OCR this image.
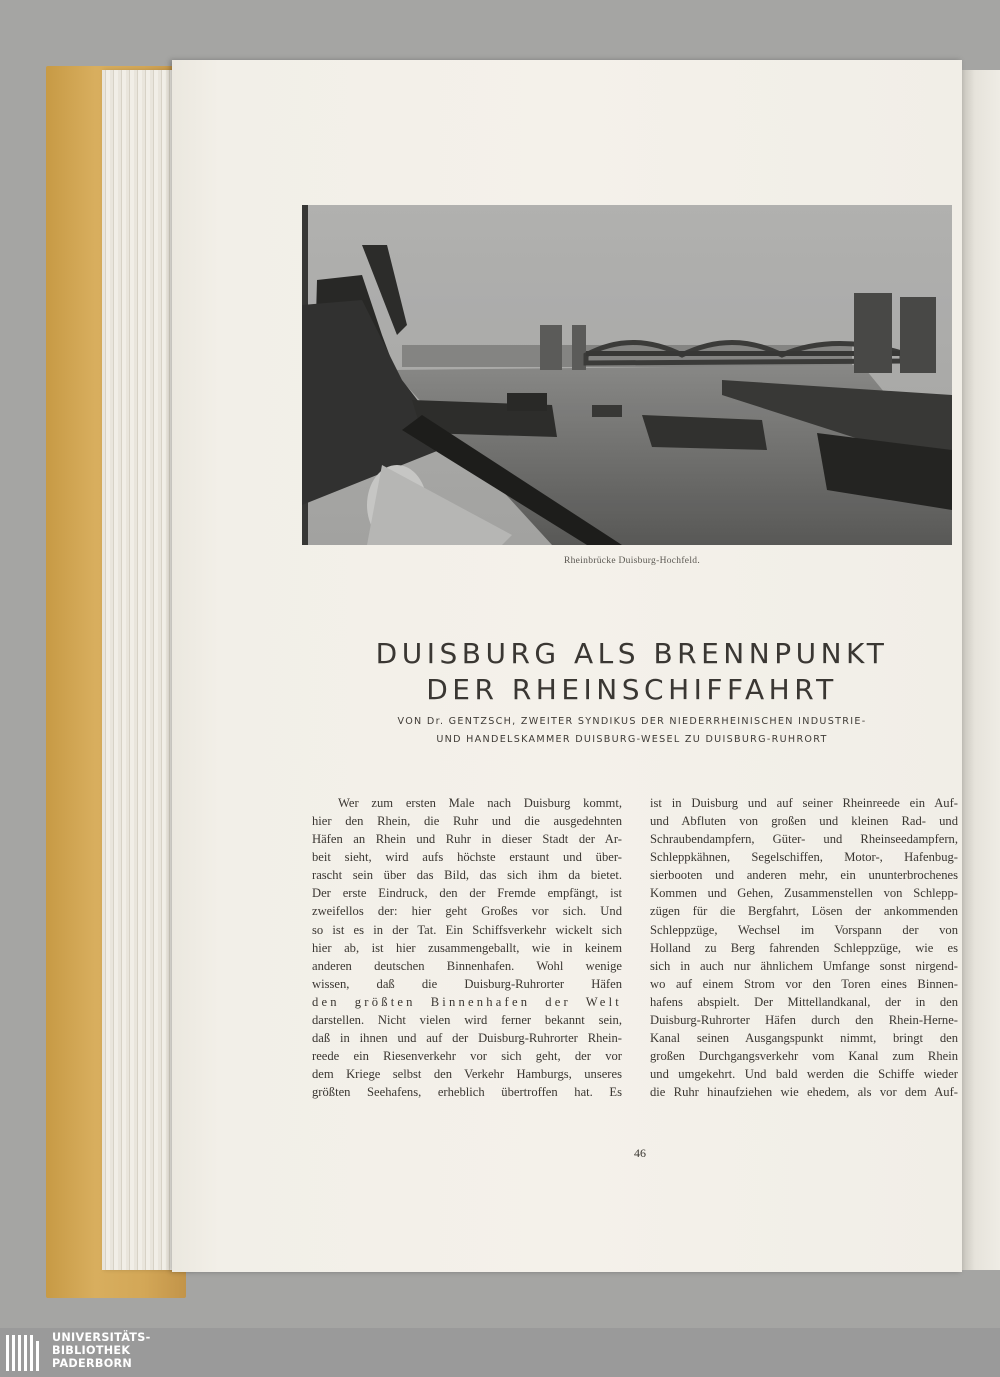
Rheinbrücke Duisburg-Hochfeld.
DUISBURG ALS BRENNPUNKT
DER RHEINSCHIFFAHRT
VON Dr. GENTZSCH, ZWEITER SYNDIKUS DER NIEDERRHEINISCHEN INDUSTRIE-
UND HANDELSKAMMER DUISBURG-WESEL ZU DUISBURG-RUHRORT
Wer zum ersten Male nach Duisburg kommt,
hier den Rhein, die Ruhr und die ausgedehnten
Häfen an Rhein und Ruhr in dieser Stadt der Ar-
beit sieht, wird aufs höchste erstaunt und über-
rascht sein über das Bild, das sich ihm da bietet.
Der erste Eindruck, den der Fremde empfängt, ist
zweifellos der: hier geht Großes vor sich. Und
so ist es in der Tat. Ein Schiffsverkehr wickelt sich
hier ab, ist hier zusammengeballt, wie in keinem
anderen deutschen Binnenhafen. Wohl wenige
wissen, daß die Duisburg-Ruhrorter Häfen
den größten Binnenhafen der Welt
darstellen. Nicht vielen wird ferner bekannt sein,
daß in ihnen und auf der Duisburg-Ruhrorter Rhein-
reede ein Riesenverkehr vor sich geht, der vor
dem Kriege selbst den Verkehr Hamburgs, unseres
größten Seehafens, erheblich übertroffen hat. Es
ist in Duisburg und auf seiner Rheinreede ein Auf-
und Abfluten von großen und kleinen Rad- und
Schraubendampfern, Güter- und Rheinseedampfern,
Schleppkähnen, Segelschiffen, Motor-, Hafenbug-
sierbooten und anderen mehr, ein ununterbrochenes
Kommen und Gehen, Zusammenstellen von Schlepp-
zügen für die Bergfahrt, Lösen der ankommenden
Schleppzüge, Wechsel im Vorspann der von
Holland zu Berg fahrenden Schleppzüge, wie es
sich in auch nur ähnlichem Umfange sonst nirgend-
wo auf einem Strom vor den Toren eines Binnen-
hafens abspielt. Der Mittellandkanal, der in den
Duisburg-Ruhrorter Häfen durch den Rhein-Herne-
Kanal seinen Ausgangspunkt nimmt, bringt den
großen Durchgangsverkehr vom Kanal zum Rhein
und umgekehrt. Und bald werden die Schiffe wieder
die Ruhr hinaufziehen wie ehedem, als vor dem Auf-
46
UNIVERSITÄTS-
BIBLIOTHEK
PADERBORN
